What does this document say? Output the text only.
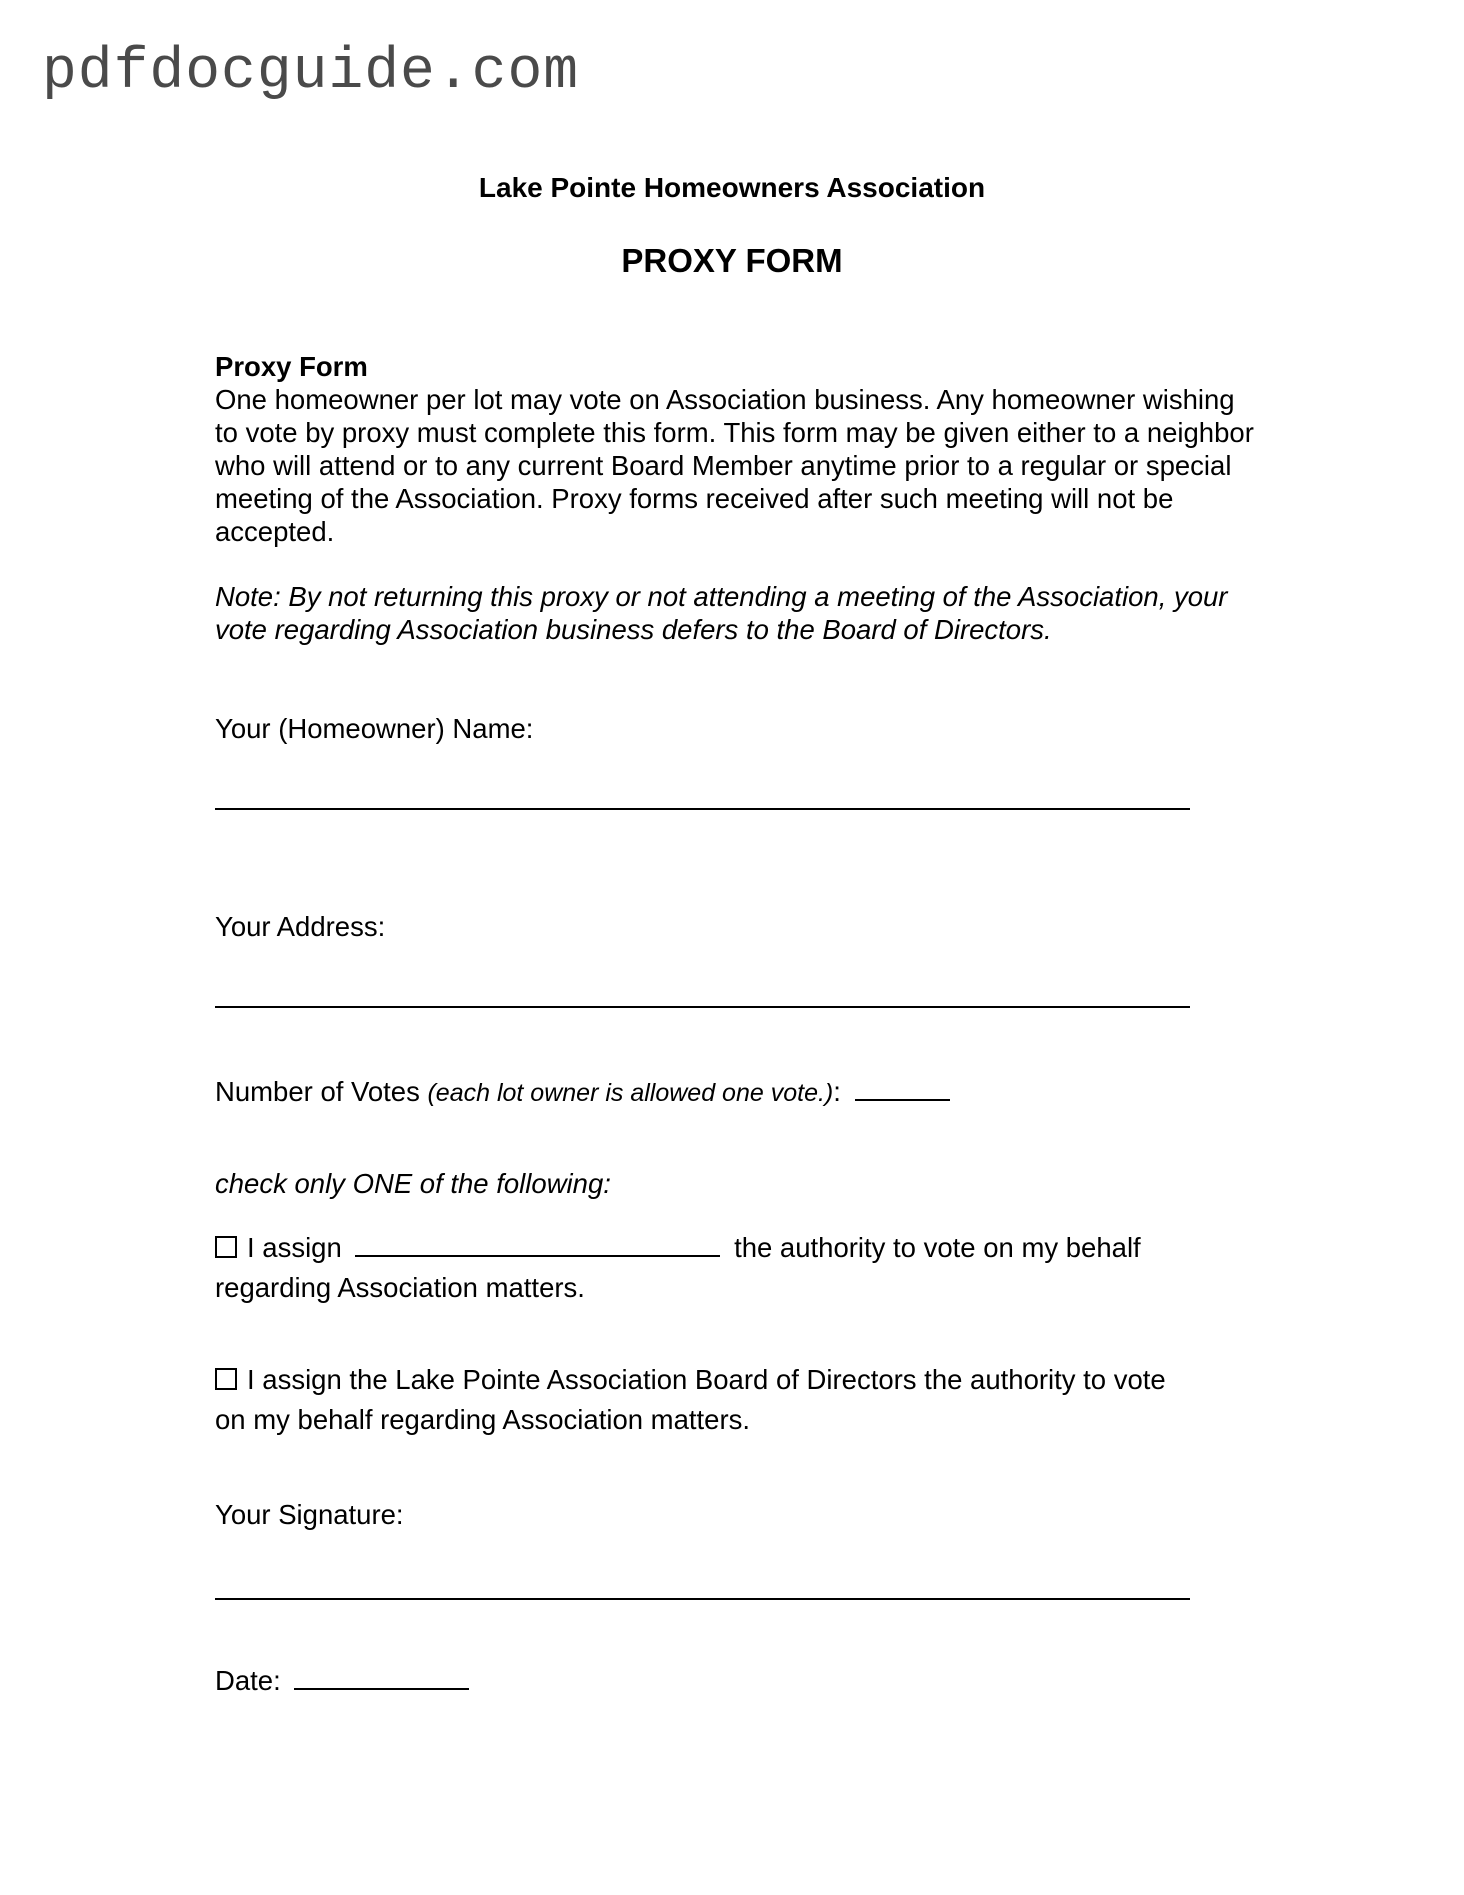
pdfdocguide.com
Lake Pointe Homeowners Association
PROXY FORM
Proxy Form
One homeowner per lot may vote on Association business. Any homeowner wishing to vote by proxy must complete this form. This form may be given either to a neighbor who will attend or to any current Board Member anytime prior to a regular or special meeting of the Association. Proxy forms received after such meeting will not be accepted.
Note: By not returning this proxy or not attending a meeting of the Association, your vote regarding Association business defers to the Board of Directors.
Your (Homeowner) Name:
Your Address:
Number of Votes (each lot owner is allowed one vote.):
check only ONE of the following:
I assign	the authority to vote on my behalf
regarding Association matters.
I assign the Lake Pointe Association Board of Directors the authority to vote
on my behalf regarding Association matters.
Your Signature:
Date:
